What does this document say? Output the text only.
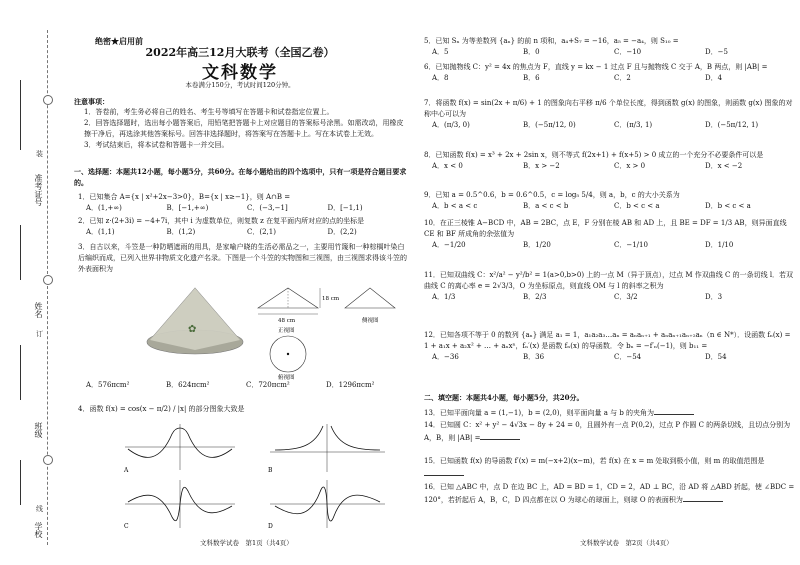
装
订
线
准考证号
姓名
班级
学校
绝密★启用前
2022年高三12月大联考（全国乙卷）
文科数学
本卷满分150分，考试时间120分钟。
注意事项：
1．答卷前，考生务必将自己的姓名、考生号等填写在答题卡和试卷指定位置上。
2．回答选择题时，选出每小题答案后，用铅笔把答题卡上对应题目的答案标号涂黑。如需改动，用橡皮擦干净后，再选涂其他答案标号。回答非选择题时，将答案写在答题卡上。写在本试卷上无效。
3．考试结束后，将本试卷和答题卡一并交回。
一、选择题：本题共12小题，每小题5分，共60分。在每小题给出的四个选项中，只有一项是符合题目要求的。
1．已知集合 A={x | x²+2x−3>0}，B={x | x≥−1}，则 A∩B =
A．(1,+∞)	B．[−1,+∞)	C．(−3,−1]	D．[−1,1)
2．已知 z·(2+3i) = −4+7i，其中 i 为虚数单位，则复数 z 在复平面内所对应的点的坐标是
A．(1,1)	B．(1,2)	C．(2,1)	D．(2,2)
3．自古以来，斗笠是一种防晒遮雨的用具，是家喻户晓的生活必需品之一，主要用竹篾和一种棕榈叶染白后编织而成，已列入世界非物质文化遗产名录。下图是一个斗笠的实物图和三视图，由三视图求得该斗笠的外表面积为
✿
18 cm
48 cm
正视图
侧视图
俯视图
A．576πcm²	B．624πcm²	C．720πcm²	D．1296πcm²
4．函数 f(x) = cos(x − π/2) / |x| 的部分图象大致是
A	B
C	D
文科数学试卷　第1页（共4页）
5．已知 Sₙ 为等差数列 {aₙ} 的前 n 项和，a₄+S₇ = −16，a₅ = −a₄，则 S₁₀ =
A．5	B．0	C．−10	D．−5
6．已知抛物线 C：y² = 4x 的焦点为 F，直线 y = kx − 1 过点 F 且与抛物线 C 交于 A，B 两点，则 |AB| =
A．8	B．6	C．2	D．4
7．将函数 f(x) = sin(2x + π/6) + 1 的图象向右平移 π/6 个单位长度，得到函数 g(x) 的图象，则函数 g(x) 图象的对称中心可以为
A．(π/3, 0)	B．(−5π/12, 0)	C．(π/3, 1)	D．(−5π/12, 1)
8．已知函数 f(x) = x³ + 2x + 2sin x，则不等式 f(2x+1) + f(x+5) > 0 成立的一个充分不必要条件可以是
A．x < 0	B．x > −2	C．x > 0	D．x < −2
9．已知 a = 0.5^0.6，b = 0.6^0.5，c = log₅ 5/4，则 a，b，c 的大小关系为
A．b < a < c	B．a < c < b	C．b < c < a	D．b < c < a
10．在正三棱锥 A−BCD 中，AB = 2BC，点 E，F 分别在棱 AB 和 AD 上，且 BE = DF = 1/3 AB，则异面直线 CE 和 BF 所成角的余弦值为
A．−1/20	B．1/20	C．−1/10	D．1/10
11．已知双曲线 C：x²/a² − y²/b² = 1(a>0,b>0) 上的一点 M（异于顶点），过点 M 作双曲线 C 的一条切线 l．若双曲线 C 的离心率 e = 2√3/3，O 为坐标原点，则直线 OM 与 l 的斜率之积为
A．1/3	B．2/3	C．3/2	D．3
12．已知各项不等于 0 的数列 {aₙ} 满足 a₁ = 1，a₁a₂a₃…aₙ = aₙaₙ₊₁ + aₙaₙ₊₁aₙ₊₂aₙ（n ∈ N*）．设函数 fₙ(x) = 1 + a₁x + a₂x² + … + aₙxⁿ，fₙ′(x) 是函数 fₙ(x) 的导函数．令 bₙ = −f′ₙ(−1)，则 b₁₁ =
A．−36	B．36	C．−54	D．54
二、填空题：本题共4小题，每小题5分，共20分。
13．已知平面向量 a = (1,−1)，b = (2,0)，则平面向量 a 与 b 的夹角为
14．已知圆 C：x² + y² − 4√3x − 8y + 24 = 0，且圆外有一点 P(0,2)，过点 P 作圆 C 的两条切线，且切点分别为 A，B，则 |AB| =
15．已知函数 f(x) 的导函数 f′(x) = m(−x+2)(x−m)，若 f(x) 在 x = m 处取到极小值，则 m 的取值范围是
16．已知 △ABC 中，点 D 在边 BC 上，AD = BD = 1，CD = 2，AD ⊥ BC，沿 AD 将 △ABD 折起，使 ∠BDC = 120°，若折起后 A，B，C，D 四点都在以 O 为球心的球面上，则球 O 的表面积为
文科数学试卷　第2页（共4页）
